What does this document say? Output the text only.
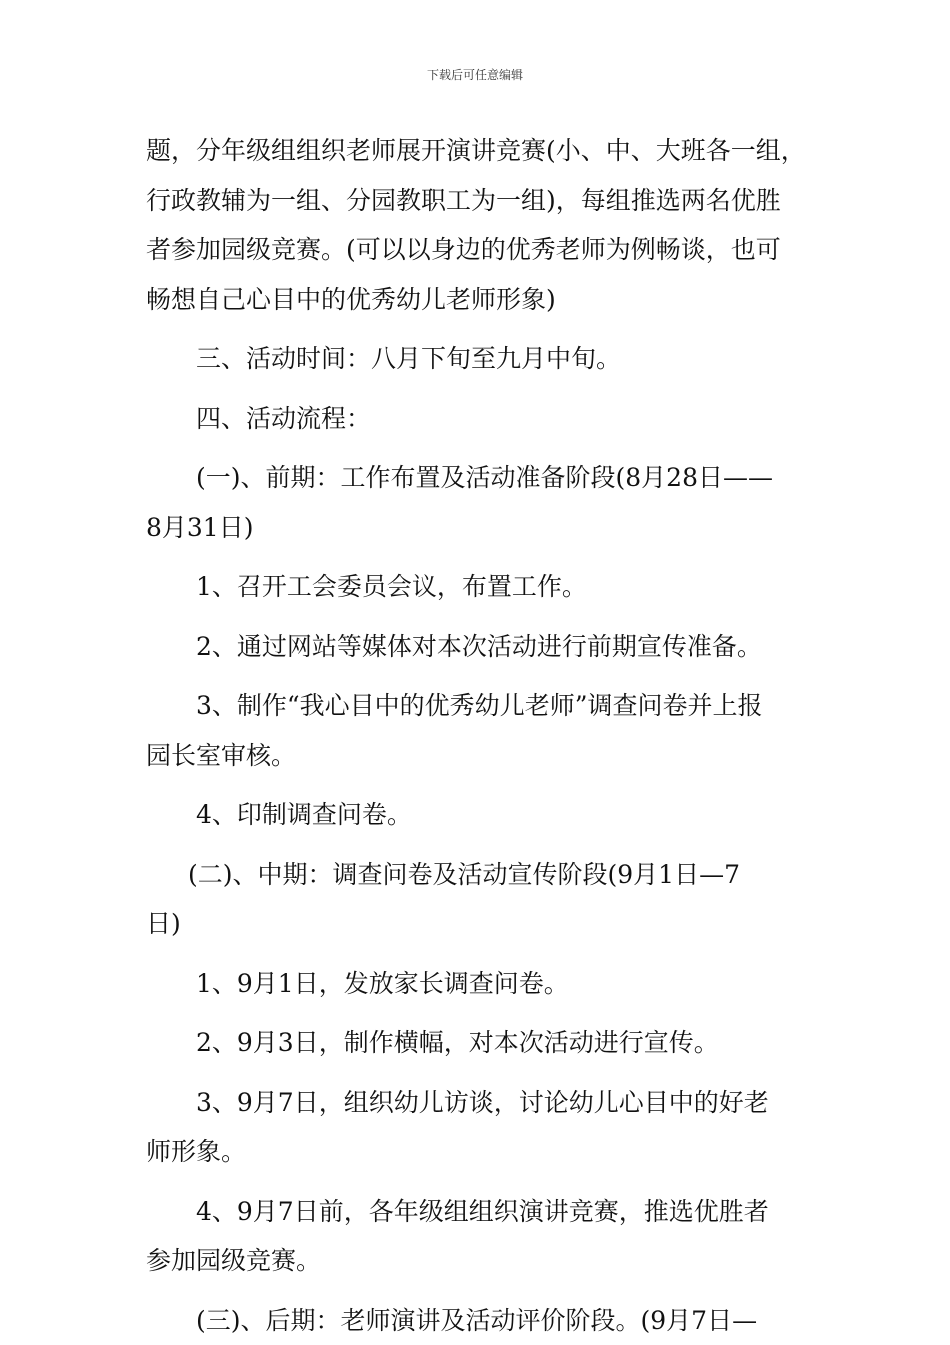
下载后可任意编辑
题，分年级组组织老师展开演讲竞赛(小、中、大班各一组，
行政教辅为一组、分园教职工为一组)，每组推选两名优胜
者参加园级竞赛。(可以以身边的优秀老师为例畅谈，也可
畅想自己心目中的优秀幼儿老师形象)
三、活动时间：八月下旬至九月中旬。
四、活动流程：
(一)、前期：工作布置及活动准备阶段(8月28日——
8月31日)
1、召开工会委员会议，布置工作。
2、通过网站等媒体对本次活动进行前期宣传准备。
3、制作“我心目中的优秀幼儿老师”调查问卷并上报
园长室审核。
4、印制调查问卷。
(二)、中期：调查问卷及活动宣传阶段(9月1日—7
日)
1、9月1日，发放家长调查问卷。
2、9月3日，制作横幅，对本次活动进行宣传。
3、9月7日，组织幼儿访谈，讨论幼儿心目中的好老
师形象。
4、9月7日前，各年级组组织演讲竞赛，推选优胜者
参加园级竞赛。
(三)、后期：老师演讲及活动评价阶段。(9月7日—
